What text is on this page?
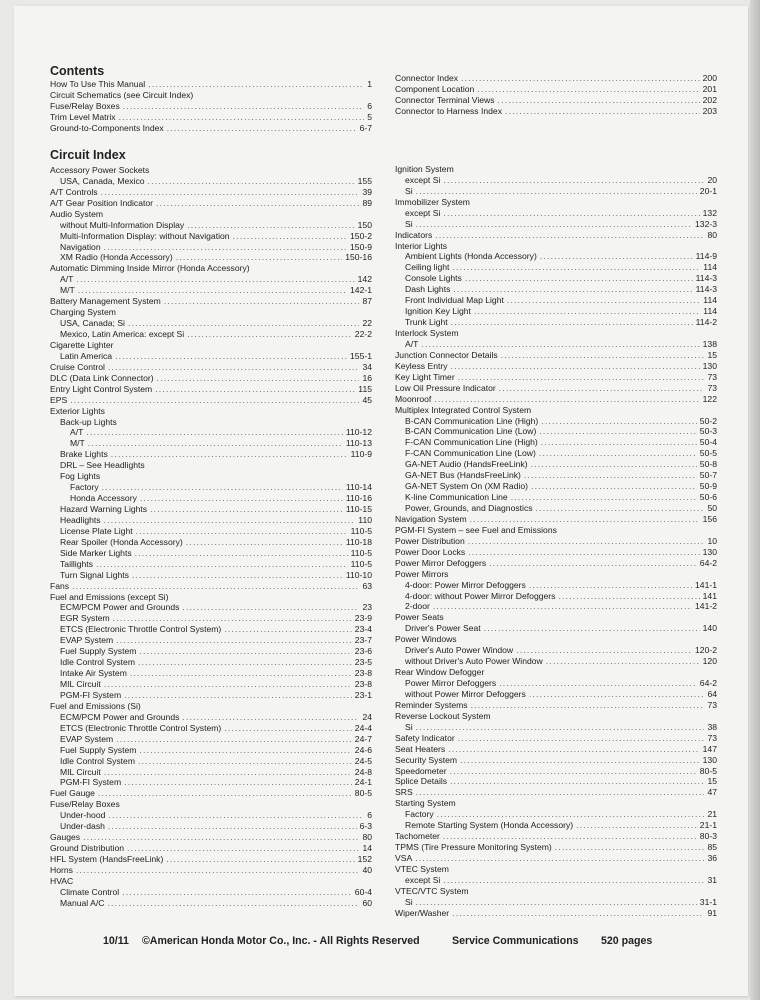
Contents
How To Use This Manual .....	1
Circuit Schematics (see Circuit Index)
Fuse/Relay Boxes .....	6
Trim Level Matrix .....	5
Ground-to-Components Index .....	6-7
Connector Index .....	200
Component Location .....	201
Connector Terminal Views .....	202
Connector to Harness Index .....	203
Circuit Index
Accessory Power Sockets
USA, Canada, Mexico .....	155
A/T Controls .....	39
A/T Gear Position Indicator .....	89
Audio System
without Multi-Information Display .....	150
Multi-Information Display: without Navigation .....	150-2
Navigation .....	150-9
XM Radio (Honda Accessory) .....	150-16
Automatic Dimming Inside Mirror (Honda Accessory)
A/T .....	142
M/T .....	142-1
Battery Management System .....	87
Charging System
USA, Canada; Si .....	22
Mexico, Latin America: except Si .....	22-2
Cigarette Lighter
Latin America .....	155-1
Cruise Control .....	34
DLC (Data Link Connector) .....	16
Entry Light Control System .....	115
EPS .....	45
Exterior Lights
Back-up Lights
A/T .....	110-12
M/T .....	110-13
Brake Lights .....	110-9
DRL – See Headlights
Fog Lights
Factory .....	110-14
Honda Accessory .....	110-16
Hazard Warning Lights .....	110-15
Headlights .....	110
License Plate Light .....	110-5
Rear Spoiler (Honda Accessory) .....	110-18
Side Marker Lights .....	110-5
Taillights .....	110-5
Turn Signal Lights .....	110-10
Fans .....	63
Fuel and Emissions (except Si)
ECM/PCM Power and Grounds .....	23
EGR System .....	23-9
ETCS (Electronic Throttle Control System) .....	23-4
EVAP System .....	23-7
Fuel Supply System .....	23-6
Idle Control System .....	23-5
Intake Air System .....	23-8
MIL Circuit .....	23-8
PGM-FI System .....	23-1
Fuel and Emissions (Si)
ECM/PCM Power and Grounds .....	24
ETCS (Electronic Throttle Control System) .....	24-4
EVAP System .....	24-7
Fuel Supply System .....	24-6
Idle Control System .....	24-5
MIL Circuit .....	24-8
PGM-FI System .....	24-1
Fuel Gauge .....	80-5
Fuse/Relay Boxes
Under-hood .....	6
Under-dash .....	6-3
Gauges .....	80
Ground Distribution .....	14
HFL System (HandsFreeLink) .....	152
Horns .....	40
HVAC
Climate Control .....	60-4
Manual A/C .....	60
Ignition System
except Si .....	20
Si .....	20-1
Immobilizer System
except Si .....	132
Si .....	132-3
Indicators .....	80
Interior Lights
Ambient Lights (Honda Accessory) .....	114-9
Ceiling light .....	114
Console Lights .....	114-3
Dash Lights .....	114-3
Front Individual Map Light .....	114
Ignition Key Light .....	114
Trunk Light .....	114-2
Interlock System
A/T .....	138
Junction Connector Details .....	15
Keyless Entry .....	130
Key Light Timer .....	73
Low Oil Pressure Indicator .....	73
Moonroof .....	122
Multiplex Integrated Control System
B-CAN Communication Line (High) .....	50-2
B-CAN Communication Line (Low) .....	50-3
F-CAN Communication Line (High) .....	50-4
F-CAN Communication Line (Low) .....	50-5
GA-NET Audio (HandsFreeLink) .....	50-8
GA-NET Bus (HandsFreeLink) .....	50-7
GA-NET System On (XM Radio) .....	50-9
K-line Communication Line .....	50-6
Power, Grounds, and Diagnostics .....	50
Navigation System .....	156
PGM-FI System – see Fuel and Emissions
Power Distribution .....	10
Power Door Locks .....	130
Power Mirror Defoggers .....	64-2
Power Mirrors
4-door: Power Mirror Defoggers .....	141-1
4-door: without Power Mirror Defoggers .....	141
2-door .....	141-2
Power Seats
Driver's Power Seat .....	140
Power Windows
Driver's Auto Power Window .....	120-2
without Driver's Auto Power Window .....	120
Rear Window Defogger
Power Mirror Defoggers .....	64-2
without Power Mirror Defoggers .....	64
Reminder Systems .....	73
Reverse Lockout System
Si .....	38
Safety Indicator .....	73
Seat Heaters .....	147
Security System .....	130
Speedometer .....	80-5
Splice Details .....	15
SRS .....	47
Starting System
Factory .....	21
Remote Starting System (Honda Accessory) .....	21-1
Tachometer .....	80-3
TPMS (Tire Pressure Monitoring System) .....	85
VSA .....	36
VTEC System
except Si .....	31
VTEC/VTC System
Si .....	31-1
Wiper/Washer .....	91
10/11 ©American Honda Motor Co., Inc. - All Rights Reserved	Service Communications 520 pages
